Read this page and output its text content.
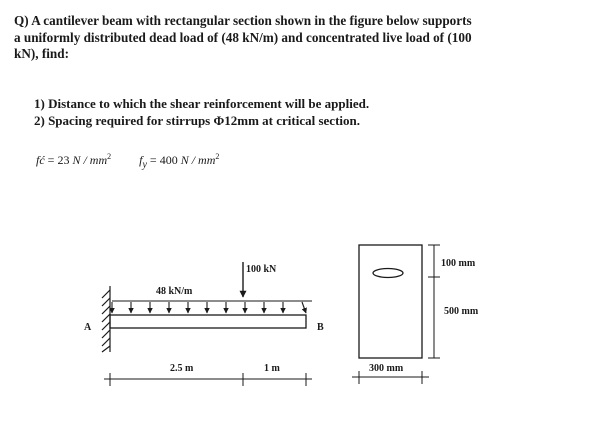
Q) A cantilever beam with rectangular section shown in the figure below supports
a uniformly distributed dead load of (48 kN/m) and concentrated live load of (100
kN), find:
1) Distance to which the shear reinforcement will be applied.
2) Spacing required for stirrups Φ12mm at critical section.
fć = 23 N / $mm^2$ $f_y = 400$ N / $mm^2$
48 kN/m
100 kN
A	B
2.5 m	1 m
100 mm
500 mm
300 mm
